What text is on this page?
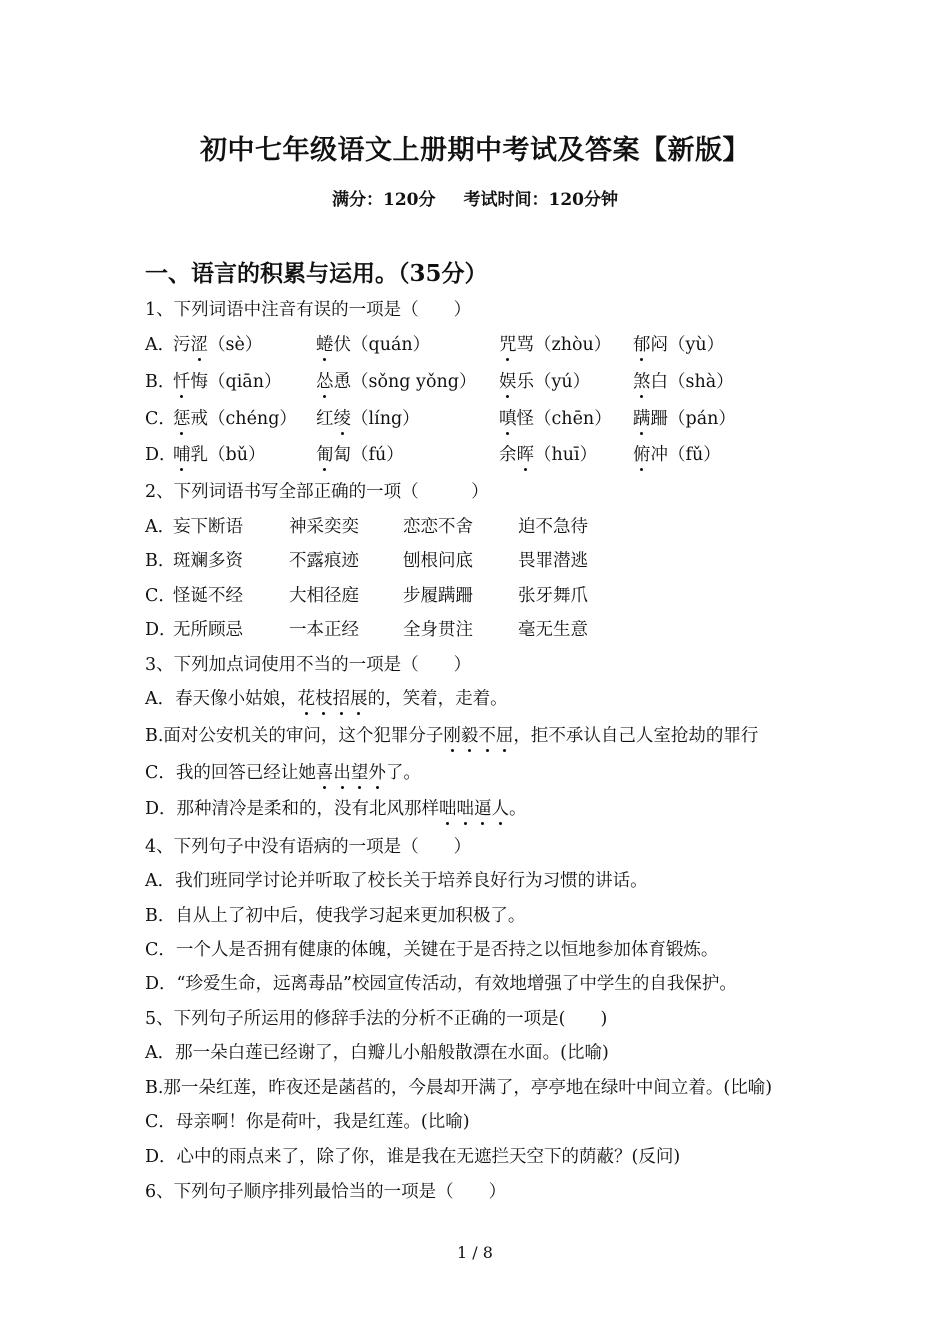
初中七年级语文上册期中考试及答案【新版】
满分：120分 考试时间：120分钟
一、语言的积累与运用。（35分）
1、下列词语中注音有误的一项是（　　）
A．
污涩（sè）	蜷伏（quán）	咒骂（zhòu） 郁闷（yù）
B．
忏悔（qiān） 怂恿（sǒng yǒng） 娱乐（yú） 煞白（shà）
C．
惩戒（chéng） 红绫（líng）	嗔怪（chēn） 蹒跚（pán）
D．
哺乳（bǔ）	匍匐（fú）	余晖（huī） 俯冲（fǔ）
2、下列词语书写全部正确的一项（　　　）
A．
妄下断语	神采奕奕	恋恋不舍	迫不急待
B．
斑斓多资	不露痕迹	刨根问底	畏罪潜逃
C．
怪诞不经	大相径庭	步履蹒跚	张牙舞爪
D．
无所顾忌	一本正经	全身贯注	毫无生意
3、下列加点词使用不当的一项是（　　）
A．春天像小姑娘，花枝招展的，笑着，走着。
B.面对公安机关的审问，这个犯罪分子刚毅不屈，拒不承认自己人室抢劫的罪行
C．我的回答已经让她喜出望外了。
D．那种清冷是柔和的，没有北风那样咄咄逼人。
4、下列句子中没有语病的一项是（　　）
A．我们班同学讨论并听取了校长关于培养良好行为习惯的讲话。
B．自从上了初中后，使我学习起来更加积极了。
C．一个人是否拥有健康的体魄，关键在于是否持之以恒地参加体育锻炼。
D．“珍爱生命，远离毒品”校园宣传活动，有效地增强了中学生的自我保护。
5、下列句子所运用的修辞手法的分析不正确的一项是(　　)
A．那一朵白莲已经谢了，白瓣儿小船般散漂在水面。(比喻)
B.那一朵红莲，昨夜还是菡萏的，今晨却开满了，亭亭地在绿叶中间立着。(比喻)
C．母亲啊！你是荷叶，我是红莲。(比喻)
D．心中的雨点来了，除了你，谁是我在无遮拦天空下的荫蔽？(反问)
6、下列句子顺序排列最恰当的一项是（　　）
1 / 8
